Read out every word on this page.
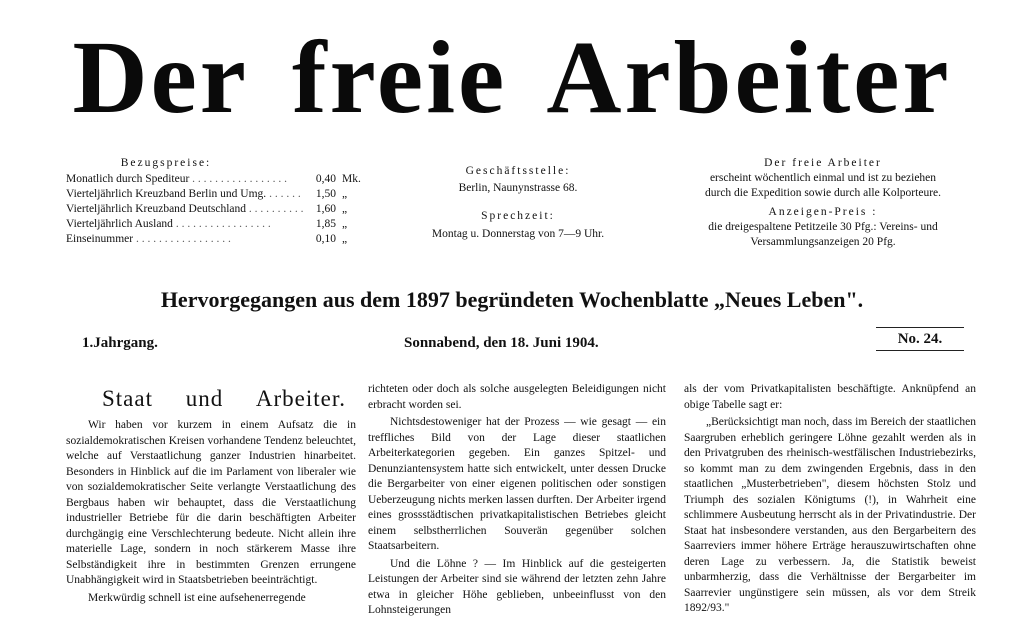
Der freie Arbeiter
Bezugspreise:
Monatlich durch Spediteur . .	0,40 Mk.
Vierteljährlich Kreuzband Berlin und Umg. . .	1,50 „
Vierteljährlich Kreuzband Deutschland . .	1,60 „
Vierteljährlich Ausland . .	1,85 „
Einseinummer . .	0,10 „
Geschäftsstelle:
Berlin, Naunynstrasse 68.
Sprechzeit:
Montag u. Donnerstag von 7—9 Uhr.
Der freie Arbeiter
erscheint wöchentlich einmal und ist zu beziehen
durch die Expedition sowie durch alle Kolporteure.
Anzeigen-Preis :
die dreigespaltene Petitzeile 30 Pfg.: Vereins- und
Versammlungsanzeigen 20 Pfg.
Hervorgegangen aus dem 1897 begründeten Wochenblatte „Neues Leben".
1.Jahrgang.	Sonnabend, den 18. Juni 1904.	No. 24.
Staat und Arbeiter.

Wir haben vor kurzem in einem Aufsatz die in sozialdemokratischen Kreisen vorhandene Tendenz beleuchtet, welche auf Verstaatlichung ganzer Industrien hinarbeitet. Besonders in Hinblick auf die im Parlament von liberaler wie von sozialdemokratischer Seite verlangte Verstaatlichung des Bergbaus haben wir behauptet, dass die Verstaatlichung industrieller Betriebe für die darin beschäftigten Arbeiter durchgängig eine Verschlechterung bedeute. Nicht allein ihre materielle Lage, sondern in noch stärkerem Masse ihre Selbständigkeit ihre in bestimmten Grenzen errungene Unabhängigkeit wird in Staatsbetrieben beeinträchtigt.

Merkwürdig schnell ist eine aufsehenerregende

richteten oder doch als solche ausgelegten Beleidigungen nicht erbracht worden sei.

Nichtsdestoweniger hat der Prozess — wie gesagt — ein treffliches Bild von der Lage dieser staatlichen Arbeiterkategorien gegeben. Ein ganzes Spitzel- und Denunziantensystem hatte sich entwickelt, unter dessen Drucke die Bergarbeiter von einer eigenen politischen oder sonstigen Ueberzeugung nichts merken lassen durften. Der Arbeiter irgend eines grossstädtischen privatkapitalistischen Betriebes gleicht einem selbstherrlichen Souverän gegenüber solchen Staatsarbeitern.

Und die Löhne ? — Im Hinblick auf die gesteigerten Leistungen der Arbeiter sind sie während der letzten zehn Jahre etwa in gleicher Höhe geblieben, unbeeinflusst von den Lohnsteigerungen

als der vom Privatkapitalisten beschäftigte. Anknüpfend an obige Tabelle sagt er:

„Berücksichtigt man noch, dass im Bereich der staatlichen Saargruben erheblich geringere Löhne gezahlt werden als in den Privatgruben des rheinisch-westfälischen Industriebezirks, so kommt man zu dem zwingenden Ergebnis, dass in den staatlichen „Musterbetrieben", diesem höchsten Stolz und Triumph des sozialen Königtums (!), in Wahrheit eine schlimmere Ausbeutung herrscht als in der Privatindustrie. Der Staat hat insbesondere verstanden, aus den Bergarbeitern des Saarreviers immer höhere Erträge herauszuwirtschaften ohne deren Lage zu verbessern. Ja, die Statistik beweist unbarmherzig, dass die Verhältnisse der Bergarbeiter im Saarrevier ungünstigere sein müssen, als vor dem Streik 1892/93."
